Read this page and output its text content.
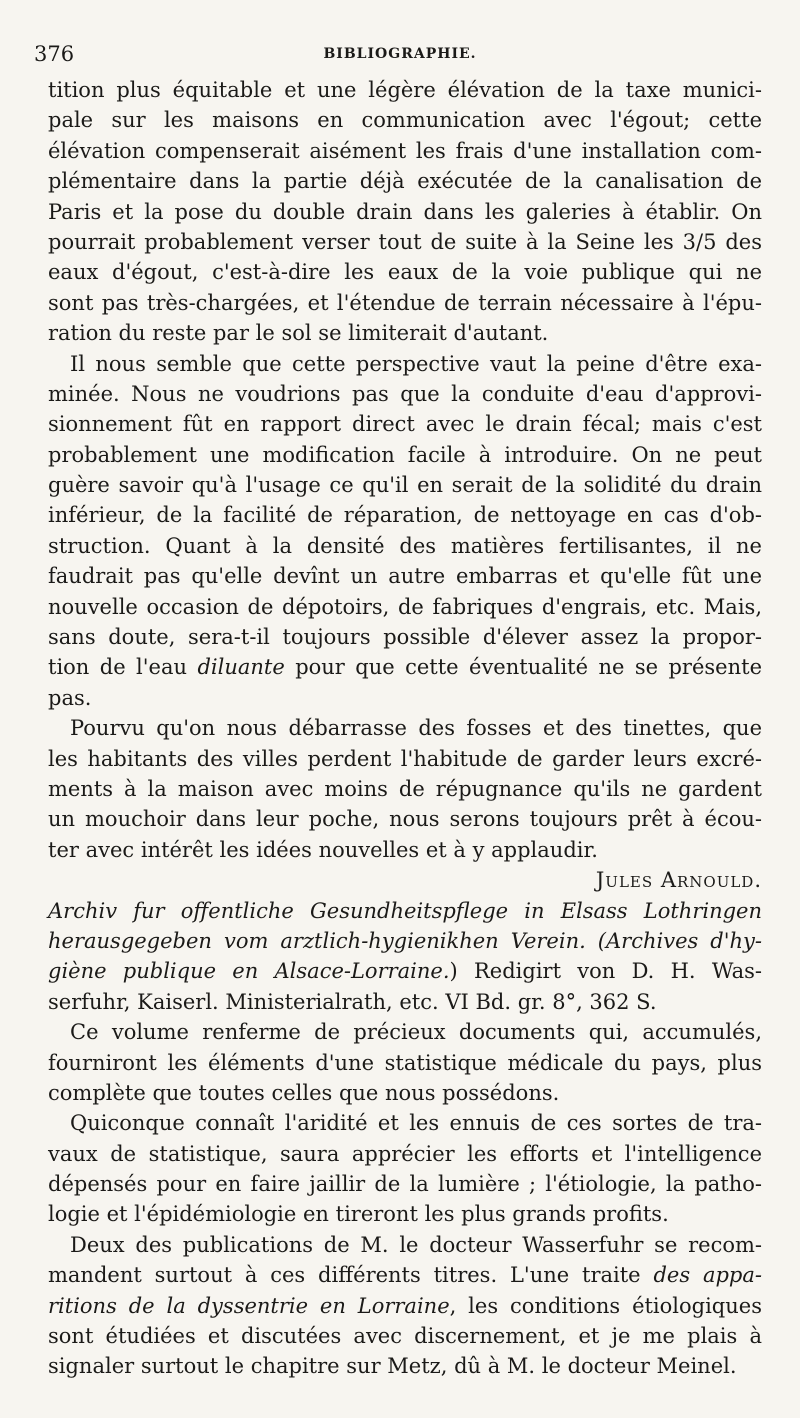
376	BIBLIOGRAPHIE.
tition plus équitable et une légère élévation de la taxe munici-
pale sur les maisons en communication avec l'égout; cette
élévation compenserait aisément les frais d'une installation com-
plémentaire dans la partie déjà exécutée de la canalisation de
Paris et la pose du double drain dans les galeries à établir. On
pourrait probablement verser tout de suite à la Seine les 3/5 des
eaux d'égout, c'est-à-dire les eaux de la voie publique qui ne
sont pas très-chargées, et l'étendue de terrain nécessaire à l'épu-
ration du reste par le sol se limiterait d'autant.
Il nous semble que cette perspective vaut la peine d'être exa-
minée. Nous ne voudrions pas que la conduite d'eau d'approvi-
sionnement fût en rapport direct avec le drain fécal; mais c'est
probablement une modification facile à introduire. On ne peut
guère savoir qu'à l'usage ce qu'il en serait de la solidité du drain
inférieur, de la facilité de réparation, de nettoyage en cas d'ob-
struction. Quant à la densité des matières fertilisantes, il ne
faudrait pas qu'elle devînt un autre embarras et qu'elle fût une
nouvelle occasion de dépotoirs, de fabriques d'engrais, etc. Mais,
sans doute, sera-t-il toujours possible d'élever assez la propor-
tion de l'eau diluante pour que cette éventualité ne se présente
pas.
Pourvu qu'on nous débarrasse des fosses et des tinettes, que
les habitants des villes perdent l'habitude de garder leurs excré-
ments à la maison avec moins de répugnance qu'ils ne gardent
un mouchoir dans leur poche, nous serons toujours prêt à écou-
ter avec intérêt les idées nouvelles et à y applaudir.
Jules Arnould.
Archiv fur offentliche Gesundheitspflege in Elsass Lothringen
herausgegeben vom arztlich-hygienikhen Verein. (Archives d'hy-
giène publique en Alsace-Lorraine.) Redigirt von D. H. Was-
serfuhr, Kaiserl. Ministerialrath, etc. VI Bd. gr. 8°, 362 S.
Ce volume renferme de précieux documents qui, accumulés,
fourniront les éléments d'une statistique médicale du pays, plus
complète que toutes celles que nous possédons.
Quiconque connaît l'aridité et les ennuis de ces sortes de tra-
vaux de statistique, saura apprécier les efforts et l'intelligence
dépensés pour en faire jaillir de la lumière ; l'étiologie, la patho-
logie et l'épidémiologie en tireront les plus grands profits.
Deux des publications de M. le docteur Wasserfuhr se recom-
mandent surtout à ces différents titres. L'une traite des appa-
ritions de la dyssentrie en Lorraine, les conditions étiologiques
sont étudiées et discutées avec discernement, et je me plais à
signaler surtout le chapitre sur Metz, dû à M. le docteur Meinel.
